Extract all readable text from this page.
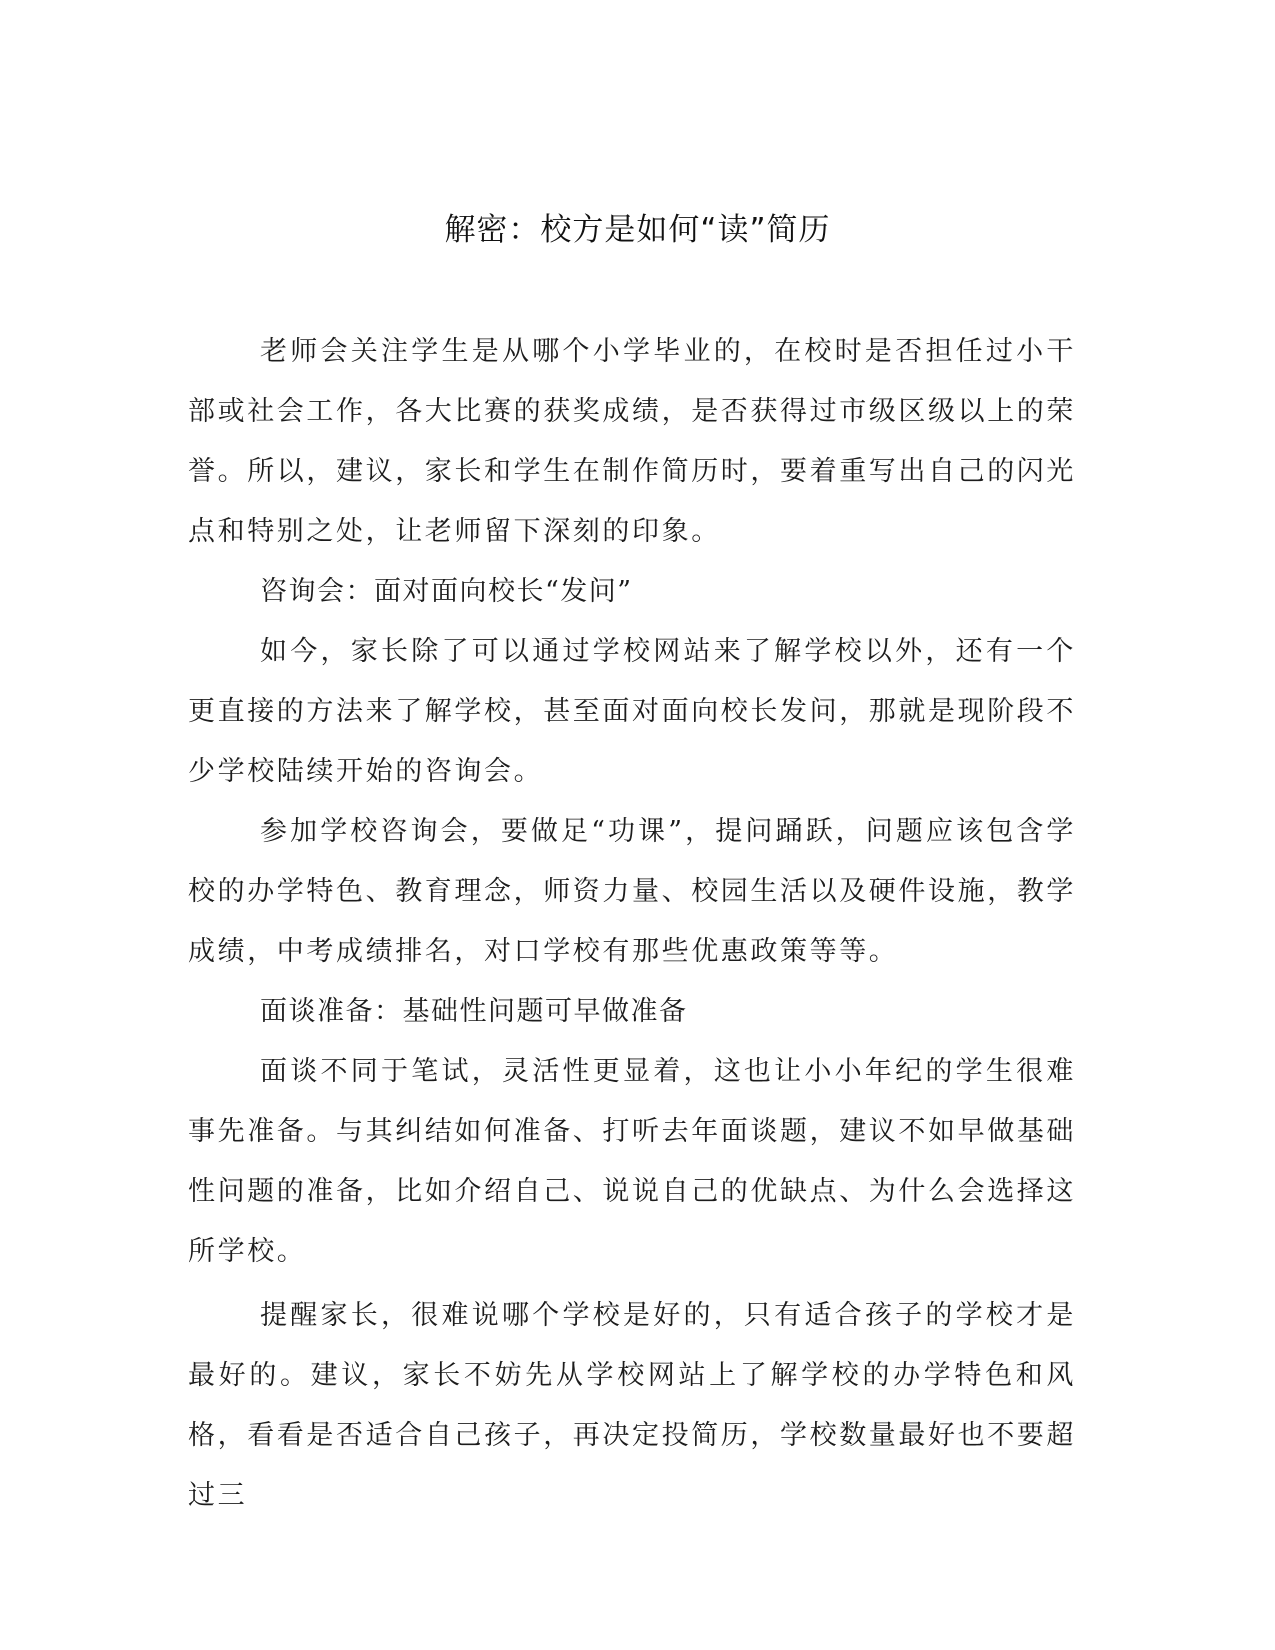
解密：校方是如何“读”简历

老师会关注学生是从哪个小学毕业的，在校时是否担任过小干部或社会工作，各大比赛的获奖成绩，是否获得过市级区级以上的荣誉。所以，建议，家长和学生在制作简历时，要着重写出自己的闪光点和特别之处，让老师留下深刻的印象。

咨询会：面对面向校长“发问”

如今，家长除了可以通过学校网站来了解学校以外，还有一个更直接的方法来了解学校，甚至面对面向校长发问，那就是现阶段不少学校陆续开始的咨询会。

参加学校咨询会，要做足“功课”，提问踊跃，问题应该包含学校的办学特色、教育理念，师资力量、校园生活以及硬件设施，教学成绩，中考成绩排名，对口学校有那些优惠政策等等。

面谈准备：基础性问题可早做准备

面谈不同于笔试，灵活性更显着，这也让小小年纪的学生很难事先准备。与其纠结如何准备、打听去年面谈题，建议不如早做基础性问题的准备，比如介绍自己、说说自己的优缺点、为什么会选择这所学校。

提醒家长，很难说哪个学校是好的，只有适合孩子的学校才是最好的。建议，家长不妨先从学校网站上了解学校的办学特色和风格，看看是否适合自己孩子，再决定投简历，学校数量最好也不要超过三
